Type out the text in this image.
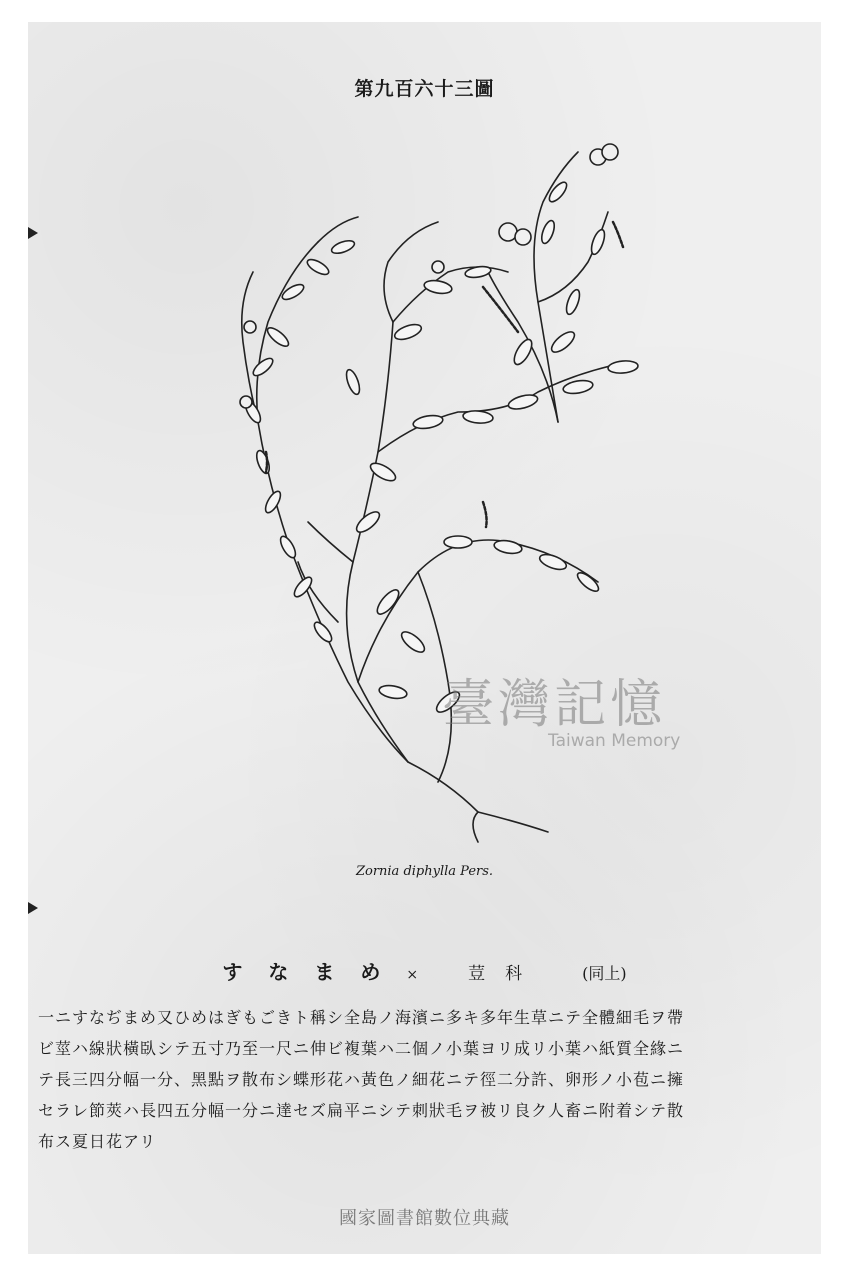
第九百六十三圖
臺灣記憶
Taiwan Memory
Zornia diphylla Pers.
すなまめ×	荳科	(同上)
一ニすなぢまめ又ひめはぎもごきト稱シ全島ノ海濱ニ多キ多年生草ニテ全體細毛ヲ帶
ビ莖ハ線狀橫臥シテ五寸乃至一尺ニ伸ビ複葉ハ二個ノ小葉ヨリ成リ小葉ハ紙質全緣ニ
テ長三四分幅一分、黑點ヲ散布シ蝶形花ハ黃色ノ細花ニテ徑二分許、卵形ノ小苞ニ擁
セラレ節莢ハ長四五分幅一分ニ達セズ扁平ニシテ刺狀毛ヲ被リ良ク人畜ニ附着シテ散
布ス夏日花アリ
國家圖書館數位典藏
